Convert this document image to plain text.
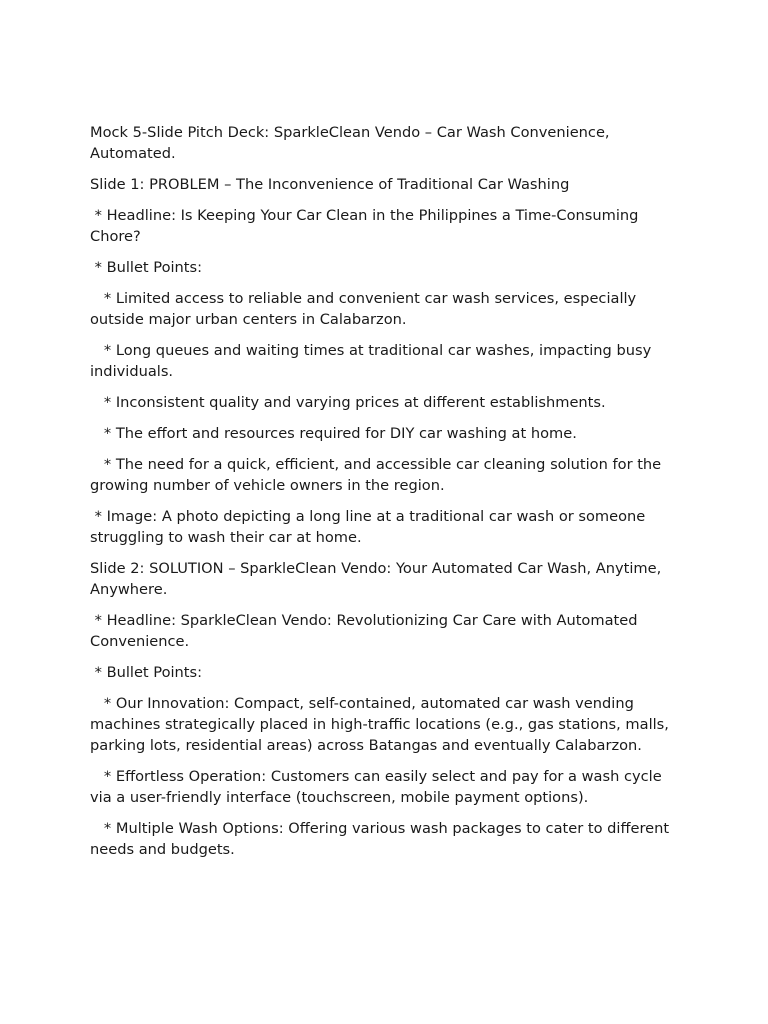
Mock 5-Slide Pitch Deck: SparkleClean Vendo – Car Wash Convenience, Automated.

Slide 1: PROBLEM – The Inconvenience of Traditional Car Washing

* Headline: Is Keeping Your Car Clean in the Philippines a Time-Consuming Chore?

* Bullet Points:

* Limited access to reliable and convenient car wash services, especially outside major urban centers in Calabarzon.

* Long queues and waiting times at traditional car washes, impacting busy individuals.

* Inconsistent quality and varying prices at different establishments.

* The effort and resources required for DIY car washing at home.

* The need for a quick, efficient, and accessible car cleaning solution for the growing number of vehicle owners in the region.

* Image: A photo depicting a long line at a traditional car wash or someone struggling to wash their car at home.

Slide 2: SOLUTION – SparkleClean Vendo: Your Automated Car Wash, Anytime, Anywhere.

* Headline: SparkleClean Vendo: Revolutionizing Car Care with Automated Convenience.

* Bullet Points:

* Our Innovation: Compact, self-contained, automated car wash vending machines strategically placed in high-traffic locations (e.g., gas stations, malls, parking lots, residential areas) across Batangas and eventually Calabarzon.

* Effortless Operation: Customers can easily select and pay for a wash cycle via a user-friendly interface (touchscreen, mobile payment options).

* Multiple Wash Options: Offering various wash packages to cater to different needs and budgets.
